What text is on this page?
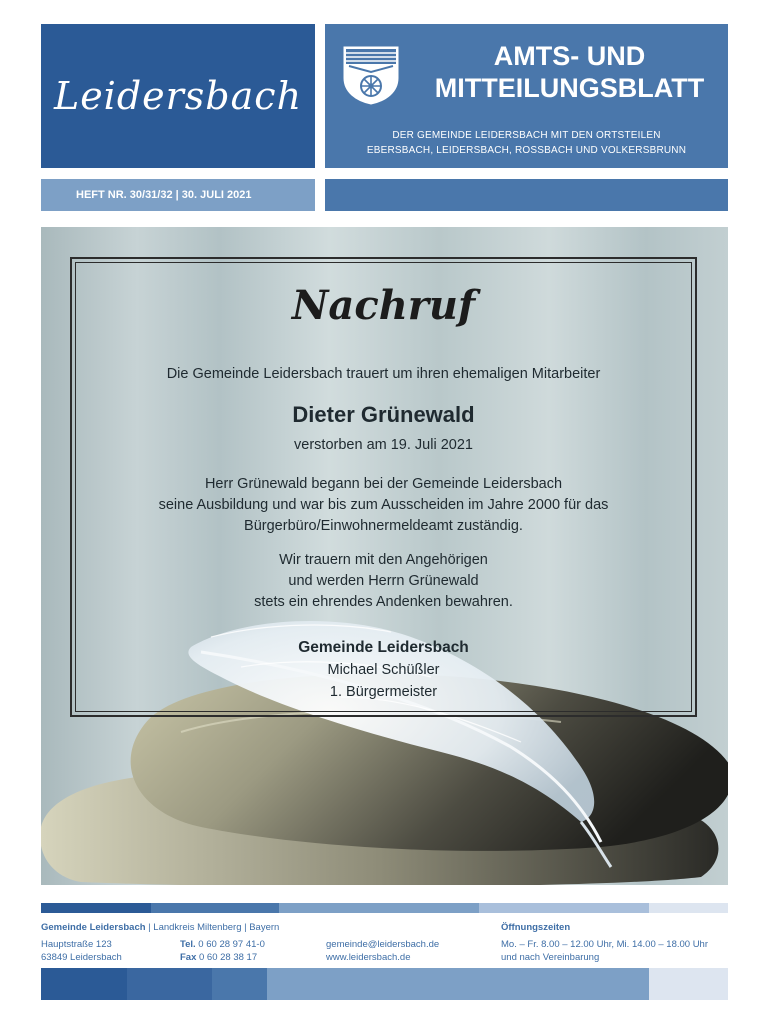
Leidersbach
AMTS- UND
MITTEILUNGSBLATT
DER GEMEINDE LEIDERSBACH MIT DEN ORTSTEILEN
EBERSBACH, LEIDERSBACH, ROSSBACH UND VOLKERSBRUNN
HEFT NR. 30/31/32 | 30. JULI 2021
Nachruf
Die Gemeinde Leidersbach trauert um ihren ehemaligen Mitarbeiter
Dieter Grünewald
verstorben am 19. Juli 2021
Herr Grünewald begann bei der Gemeinde Leidersbach
seine Ausbildung und war bis zum Ausscheiden im Jahre 2000 für das
Bürgerbüro/Einwohnermeldeamt zuständig.
Wir trauern mit den Angehörigen
und werden Herrn Grünewald
stets ein ehrendes Andenken bewahren.
Gemeinde Leidersbach
Michael Schüßler
1. Bürgermeister
Gemeinde Leidersbach | Landkreis Miltenberg | Bayern
Hauptstraße 123
63849 Leidersbach
Tel. 0 60 28 97 41-0
Fax 0 60 28 38 17
gemeinde@leidersbach.de
www.leidersbach.de
Öffnungszeiten
Mo. – Fr. 8.00 – 12.00 Uhr, Mi. 14.00 – 18.00 Uhr
und nach Vereinbarung
